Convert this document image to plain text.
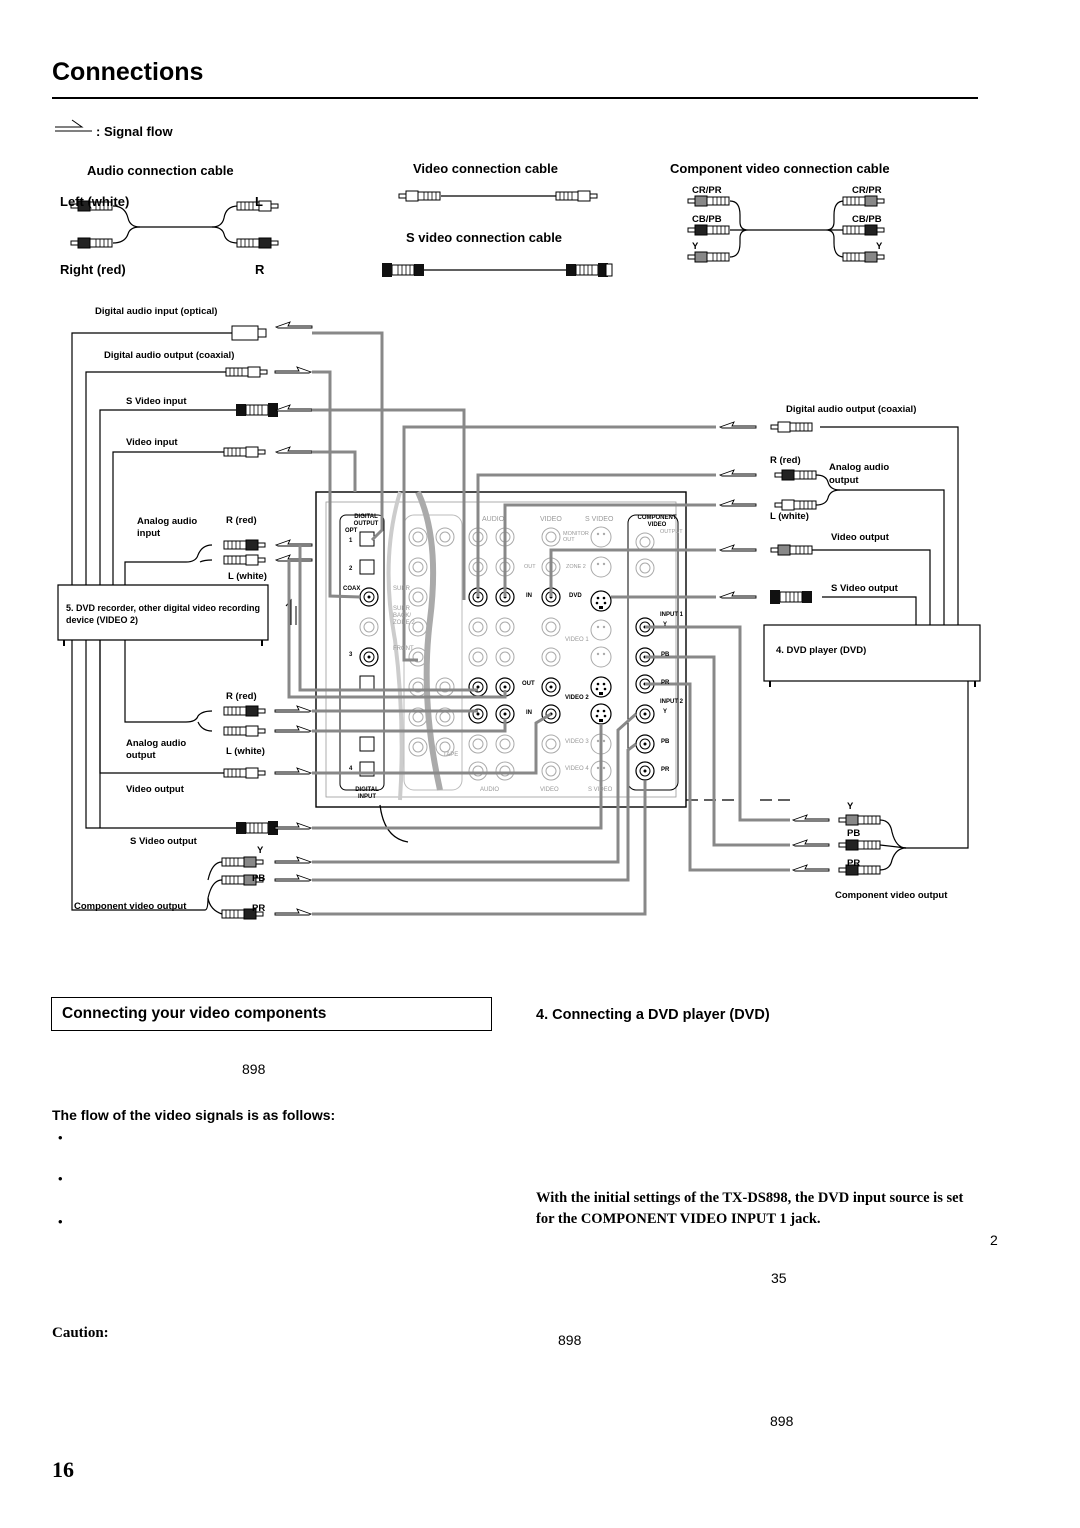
Connections
: Signal flow
Audio connection cable
Left (white)	L
Right (red)	R
Video connection cable
S video connection cable
Component video connection cable
CR/PR	CR/PR
CB/PB	CB/PB
Y	Y
Digital audio input (optical)
Digital audio output (coaxial)
S Video input
Video input
Analog audio input
R (red)
L (white)
5. DVD recorder, other digital video recording device (VIDEO 2)
R (red)
Analog audio output	L (white)
Video output
S Video output
Component video output
Y
PB
PR
Digital audio output (coaxial)
R (red)
Analog audio output
L (white)
Video output
S Video output
4. DVD player (DVD)
Y
PB
PR
Component video output
DIGITAL OUTPUT
OPT
1
2
COAX
3
4
DIGITAL INPUT
AUDIO	VIDEO	S VIDEO	COMPONENT VIDEO
OUTPUT
MONITOR OUT
ZONE 2
OUT
IN	DVD
INPUT 1
Y
PB
PR
VIDEO 1
OUT
VIDEO 2
IN
INPUT 2
Y
PB
PR
VIDEO 3
VIDEO 4
TAPE
FRONT
SURR
SURR BACK/ ZONE 2
AUDIO	VIDEO	S VIDEO
Connecting your video components
898
The flow of the video signals is as follows:
•
•
•
Caution:
4. Connecting a DVD player (DVD)
With the initial settings of the TX-DS898, the DVD input source is set for the COMPONENT VIDEO INPUT 1 jack.
2
35
898
898
16
